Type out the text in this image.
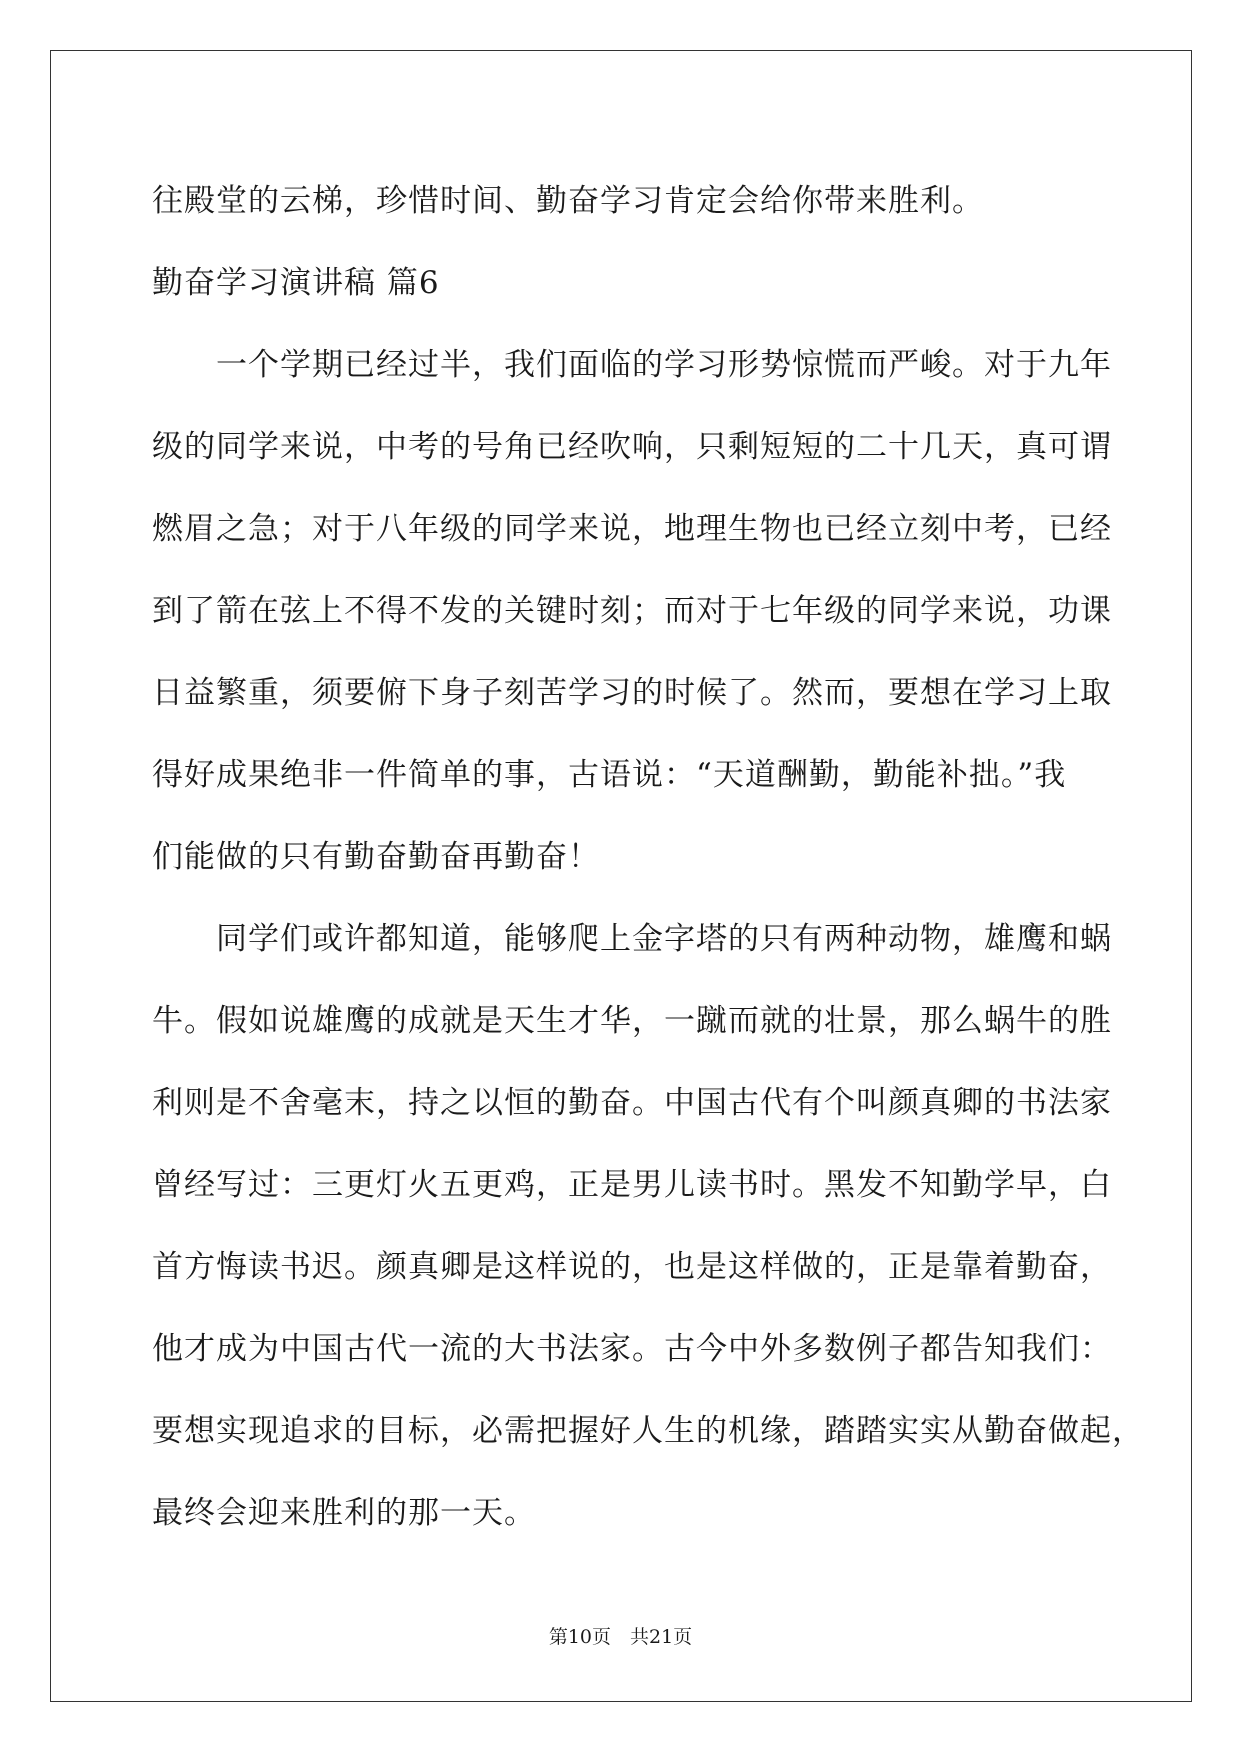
往殿堂的云梯，珍惜时间、勤奋学习肯定会给你带来胜利。
勤奋学习演讲稿 篇6
　　一个学期已经过半，我们面临的学习形势惊慌而严峻。对于九年
级的同学来说，中考的号角已经吹响，只剩短短的二十几天，真可谓
燃眉之急；对于八年级的同学来说，地理生物也已经立刻中考，已经
到了箭在弦上不得不发的关键时刻；而对于七年级的同学来说，功课
日益繁重，须要俯下身子刻苦学习的时候了。然而，要想在学习上取
得好成果绝非一件简单的事，古语说：“天道酬勤，勤能补拙。”我
们能做的只有勤奋勤奋再勤奋！
　　同学们或许都知道，能够爬上金字塔的只有两种动物，雄鹰和蜗
牛。假如说雄鹰的成就是天生才华，一蹴而就的壮景，那么蜗牛的胜
利则是不舍毫末，持之以恒的勤奋。中国古代有个叫颜真卿的书法家
曾经写过：三更灯火五更鸡，正是男儿读书时。黑发不知勤学早，白
首方悔读书迟。颜真卿是这样说的，也是这样做的，正是靠着勤奋，
他才成为中国古代一流的大书法家。古今中外多数例子都告知我们：
要想实现追求的目标，必需把握好人生的机缘，踏踏实实从勤奋做起，
最终会迎来胜利的那一天。
第10页　共21页
